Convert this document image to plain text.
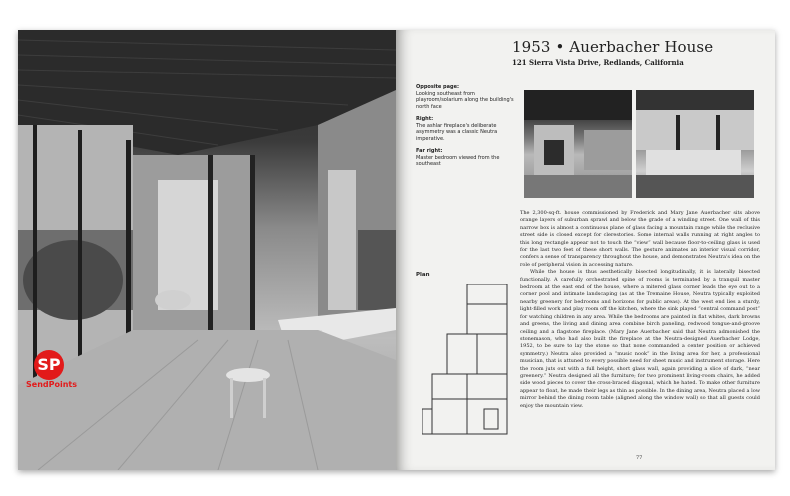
SP
SendPoints
1953 • Auerbacher House
121 Sierra Vista Drive, Redlands, California
Opposite page:
Looking southeast from playroom/solarium along the building's north face
Right:
The ashlar fireplace's deliberate asymmetry was a classic Neutra imperative.
Far right:
Master bedroom viewed from the southeast

The 2,300-sq-ft. house commissioned by Frederick and Mary Jane Auerbacher sits above orange layers of suburban sprawl and below the grade of a winding street. One wall of this narrow box is almost a continuous plane of glass facing a mountain range while the reclusive street side is closed except for clerestories. Some internal walls running at right angles to this long rectangle appear not to touch the “view” wall because floor-to-ceiling glass is used for the last two feet of these short walls. The gesture animates an interior visual corridor, confers a sense of transparency throughout the house, and demonstrates Neutra's idea on the role of peripheral vision in accessing nature.

While the house is thus aesthetically bisected longitudinally, it is laterally bisected functionally. A carefully orchestrated spine of rooms is terminated by a tranquil master bedroom at the east end of the house, where a mitered glass corner leads the eye out to a corner pool and intimate landscaping (as at the Tremaine House, Neutra typically exploited nearby greenery for bedrooms and horizons for public areas). At the west end lies a sturdy, light-filled work and play room off the kitchen, where the sink played “central command post” for watching children in any area. While the bedrooms are painted in flat whites, dark browns and greens, the living and dining area combine birch paneling, redwood tongue-and-groove ceiling and a flagstone fireplace. (Mary Jane Auerbacher said that Neutra admonished the stonemason, who had also built the fireplace at the Neutra-designed Auerbacher Lodge, 1952, to be sure to lay the stone so that none commanded a center position or achieved symmetry.) Neutra also provided a “music nook” in the living area for her, a professional musician, that is attuned to every possible need for sheet music and instrument storage. Here the room juts out with a full height, short glass wall, again providing a slice of dark, “near greenery.” Neutra designed all the furniture; for two prominent living-room chairs, he added side wood pieces to cover the cross-braced diagonal, which he hated. To make other furniture appear to float, he made their legs as thin as possible. In the dining area, Neutra placed a low mirror behind the dining room table (aligned along the window wall) so that all guests could enjoy the mountain view.

Plan
77
